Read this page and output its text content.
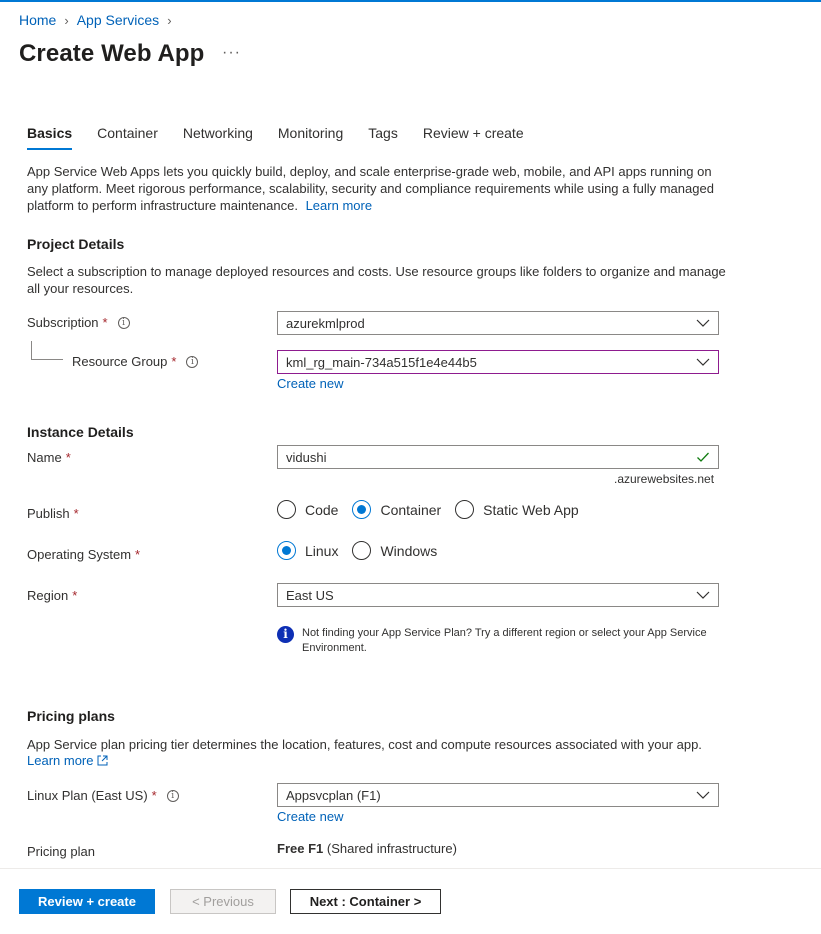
Home › App Services ›
Create Web App ···
Basics Container Networking Monitoring Tags Review + create
App Service Web Apps lets you quickly build, deploy, and scale enterprise-grade web, mobile, and API apps running on any platform. Meet rigorous performance, scalability, security and compliance requirements while using a fully managed platform to perform infrastructure maintenance. Learn more
Project Details
Select a subscription to manage deployed resources and costs. Use resource groups like folders to organize and manage all your resources.
Subscription *	i	azurekmlprod
Resource Group *	i	kml_rg_main-734a515f1e4e44b5
Create new
Instance Details
Name *	vidushi
.azurewebsites.net
Publish *	Code	Container	Static Web App
Operating System *	Linux	Windows
Region *	East US
i	Not finding your App Service Plan? Try a different region or select your App Service Environment.
Pricing plans
App Service plan pricing tier determines the location, features, cost and compute resources associated with your app.
Learn more
Linux Plan (East US) *	i	Appsvcplan (F1)
Create new
Pricing plan	Free F1 (Shared infrastructure)
Review + create	< Previous	Next : Container >
